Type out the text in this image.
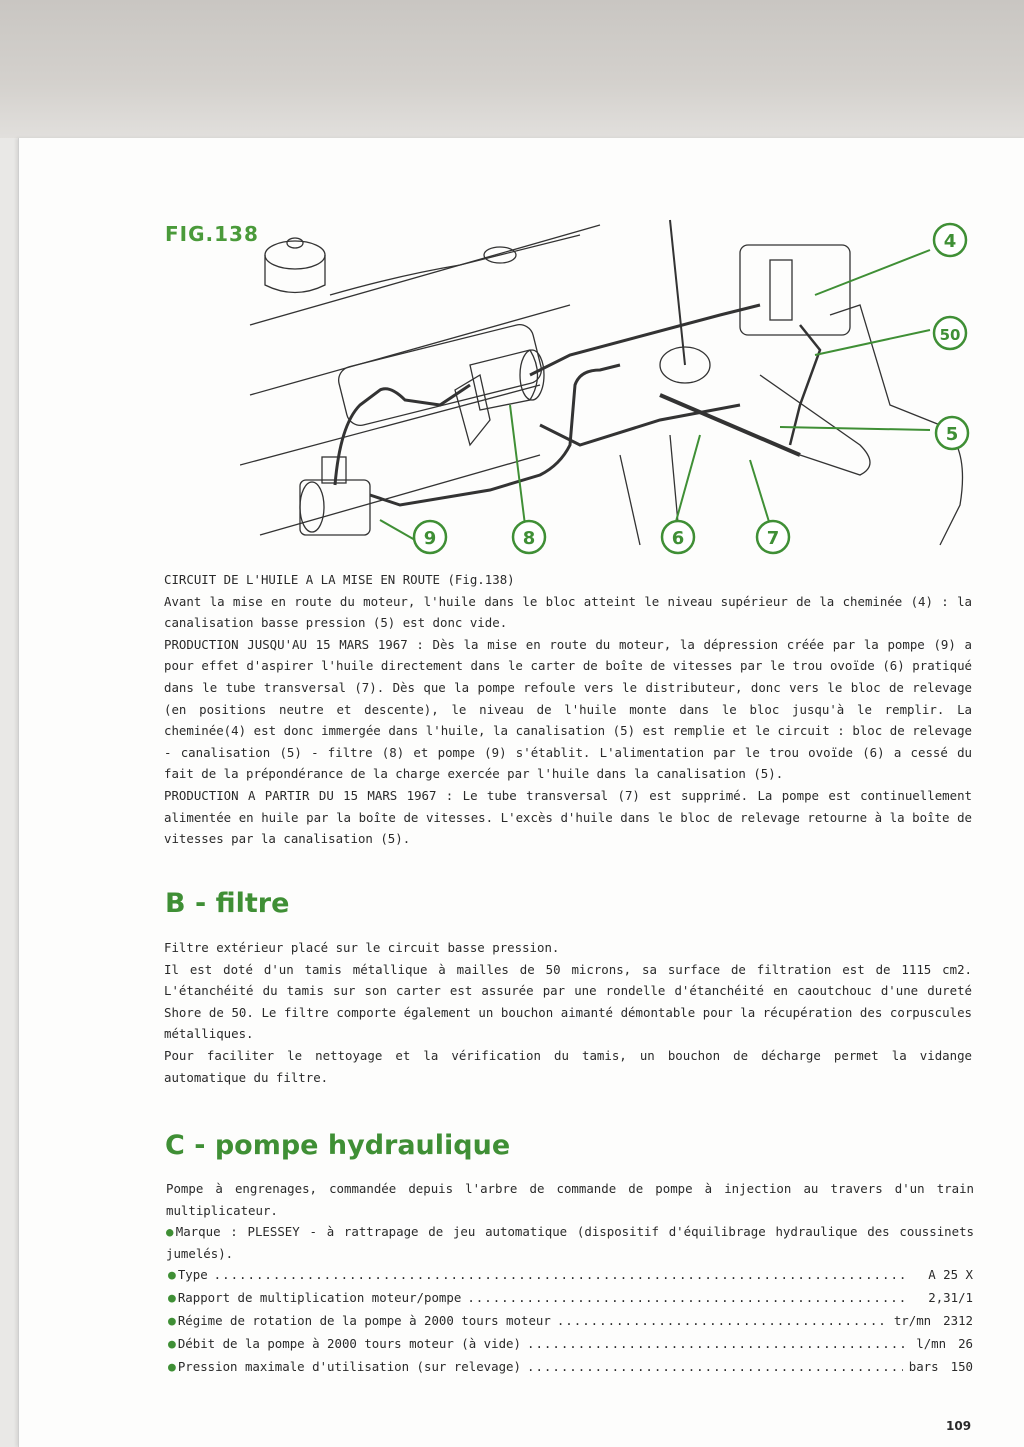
FIG.138	4
50
5
9	8	6	7

CIRCUIT DE L'HUILE A LA MISE EN ROUTE (Fig.138)

Avant la mise en route du moteur, l'huile dans le bloc atteint le niveau supérieur de la cheminée (4) : la canalisation basse pression (5) est donc vide.

PRODUCTION JUSQU'AU 15 MARS 1967 : Dès la mise en route du moteur, la dépression créée par la pompe (9) a pour effet d'aspirer l'huile directement dans le carter de boîte de vitesses par le trou ovoïde (6) pratiqué dans le tube transversal (7). Dès que la pompe refoule vers le distributeur, donc vers le bloc de relevage (en positions neutre et descente), le niveau de l'huile monte dans le bloc jusqu'à le remplir. La cheminée(4) est donc immergée dans l'huile, la canalisation (5) est remplie et le circuit : bloc de relevage - canalisation (5) - filtre (8) et pompe (9) s'établit. L'alimentation par le trou ovoïde (6) a cessé du fait de la prépondérance de la charge exercée par l'huile dans la canalisation (5).

PRODUCTION A PARTIR DU 15 MARS 1967 : Le tube transversal (7) est supprimé. La pompe est continuellement alimentée en huile par la boîte de vitesses. L'excès d'huile dans le bloc de relevage retourne à la boîte de vitesses par la canalisation (5).

B - filtre

Filtre extérieur placé sur le circuit basse pression.

Il est doté d'un tamis métallique à mailles de 50 microns, sa surface de filtration est de 1115 cm2. L'étanchéité du tamis sur son carter est assurée par une rondelle d'étanchéité en caoutchouc d'une dureté Shore de 50. Le filtre comporte également un bouchon aimanté démontable pour la récupération des corpuscules métalliques.

Pour faciliter le nettoyage et la vérification du tamis, un bouchon de décharge permet la vidange automatique du filtre.

C - pompe hydraulique

Pompe à engrenages, commandée depuis l'arbre de commande de pompe à injection au travers d'un train multiplicateur.

●Marque : PLESSEY - à rattrapage de jeu automatique (dispositif d'équilibrage hydraulique des coussinets jumelés).

● Type .....	A 25 X
● Rapport de multiplication moteur/pompe .....	2,31/1
● Régime de rotation de la pompe à 2000 tours moteur .....	tr/mn 2312
● Débit de la pompe à 2000 tours moteur (à vide) .....	l/mn 26
● Pression maximale d'utilisation (sur relevage) .....	bars 150
109
